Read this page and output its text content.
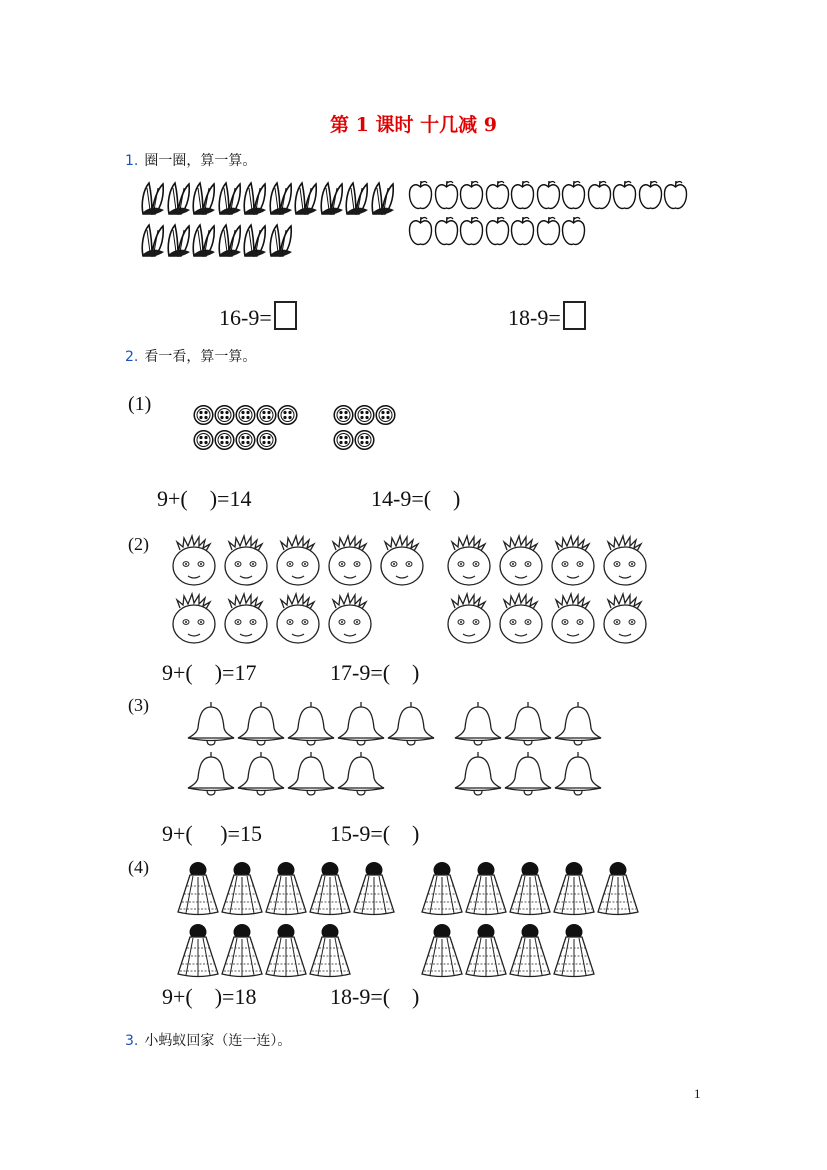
第 1 课时 十几减 9
1. 圈一圈，算一算。

16-9=	18-9=

2. 看一看，算一算。
(1)
9+(    )=14	14-9=(    )
(2)
9+(    )=17	17-9=(    )
(3)
9+(     )=15	15-9=(    )
(4)
9+(    )=18	18-9=(    )
3. 小蚂蚁回家（连一连）。
1
